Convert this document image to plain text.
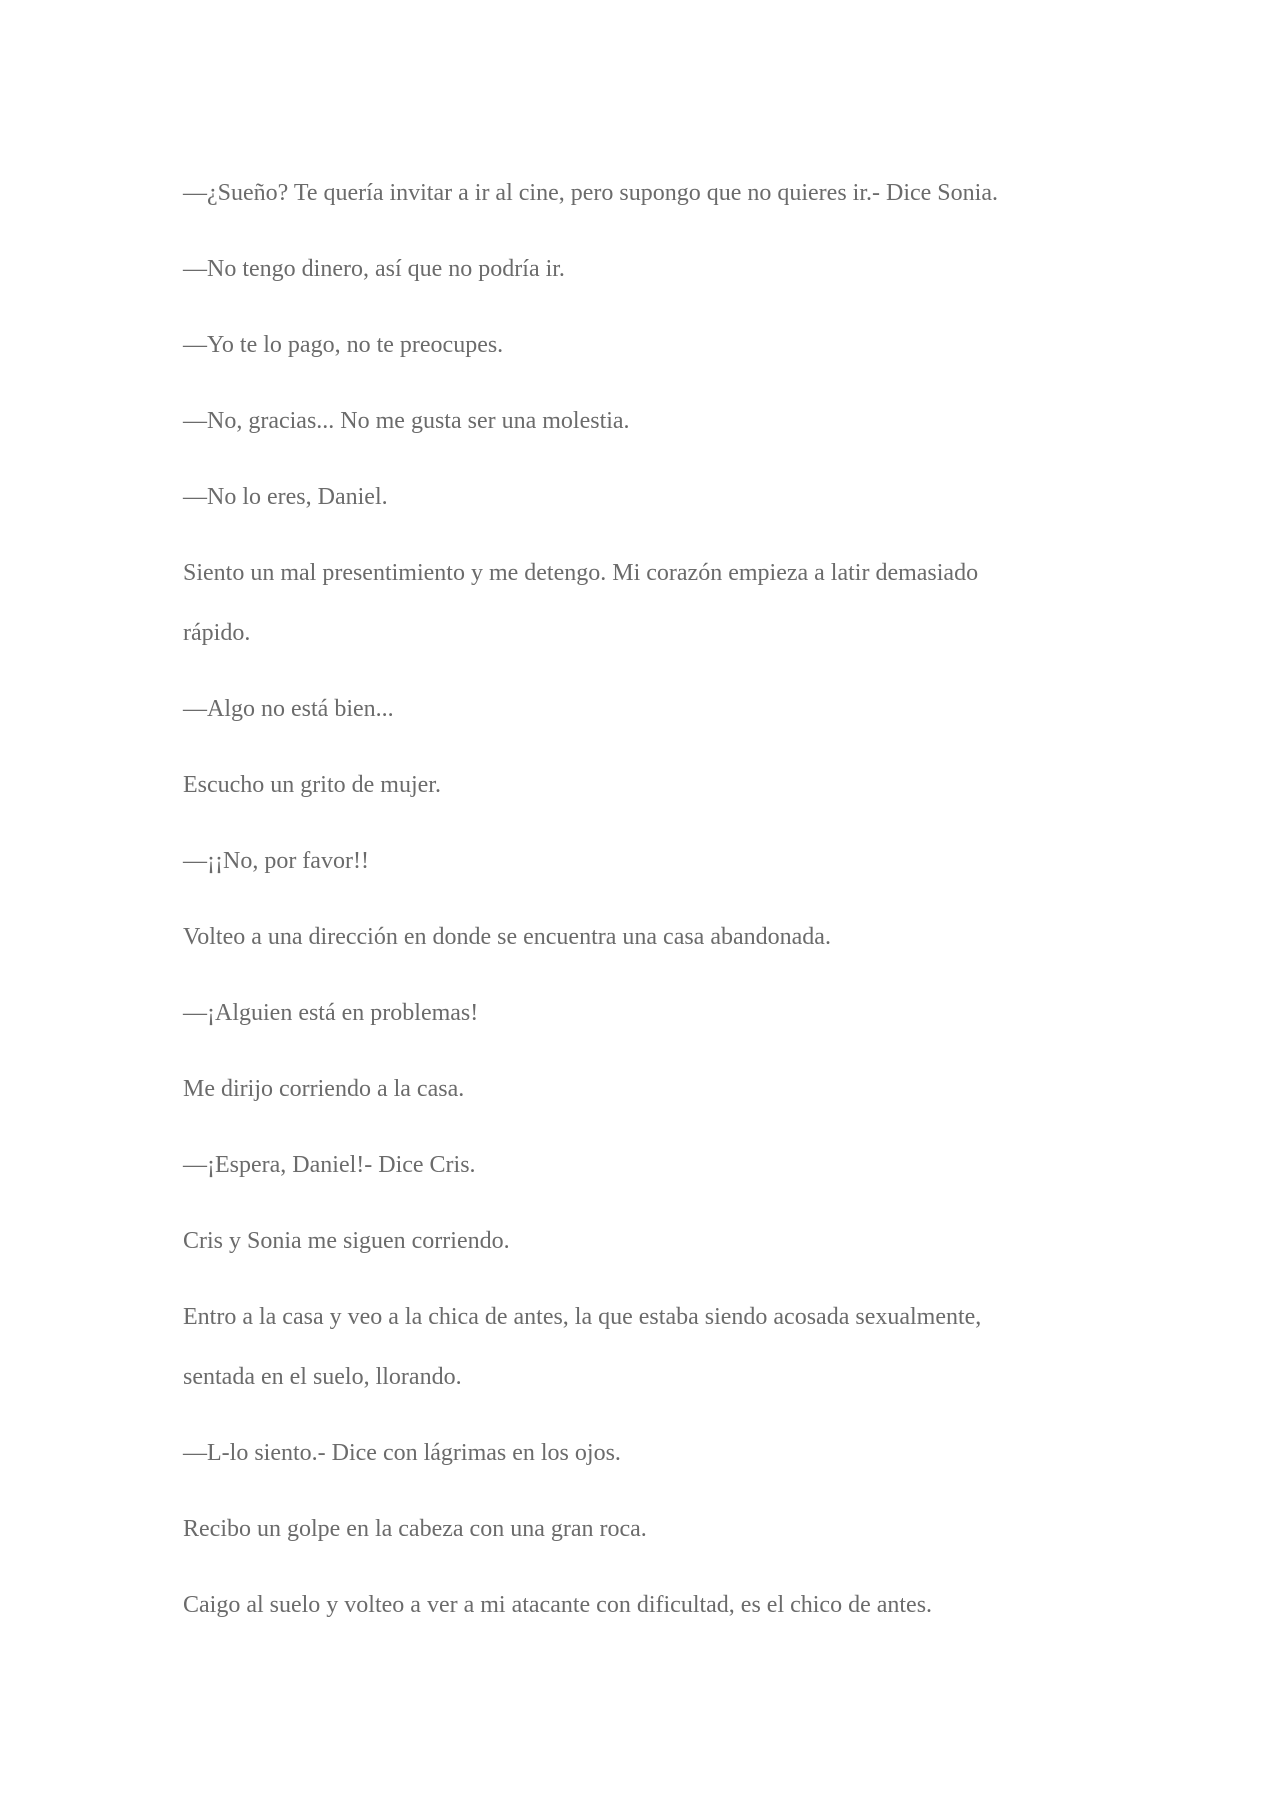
—¿Sueño? Te quería invitar a ir al cine, pero supongo que no quieres ir.- Dice Sonia.

—No tengo dinero, así que no podría ir.

—Yo te lo pago, no te preocupes.

—No, gracias... No me gusta ser una molestia.

—No lo eres, Daniel.

Siento un mal presentimiento y me detengo. Mi corazón empieza a latir demasiado
rápido.

—Algo no está bien...

Escucho un grito de mujer.

—¡¡No, por favor!!

Volteo a una dirección en donde se encuentra una casa abandonada.

—¡Alguien está en problemas!

Me dirijo corriendo a la casa.

—¡Espera, Daniel!- Dice Cris.

Cris y Sonia me siguen corriendo.

Entro a la casa y veo a la chica de antes, la que estaba siendo acosada sexualmente,
sentada en el suelo, llorando.

—L-lo siento.- Dice con lágrimas en los ojos.

Recibo un golpe en la cabeza con una gran roca.

Caigo al suelo y volteo a ver a mi atacante con dificultad, es el chico de antes.
